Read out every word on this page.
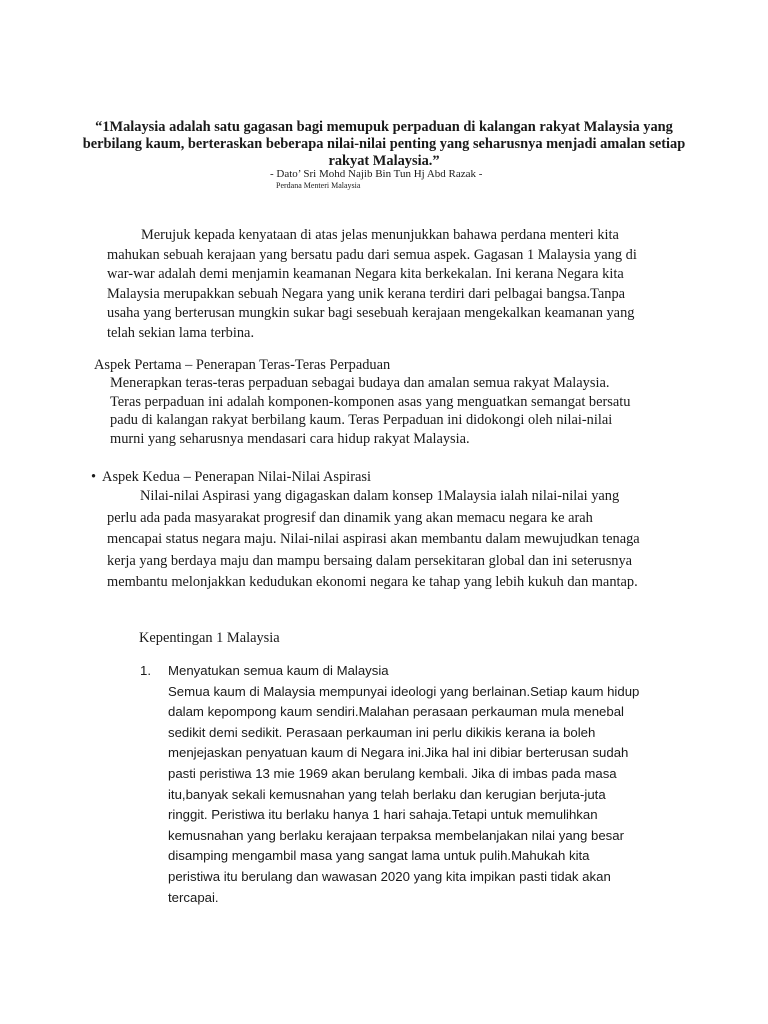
“1Malaysia adalah satu gagasan bagi memupuk perpaduan di kalangan rakyat Malaysia yang berbilang kaum, berteraskan beberapa nilai-nilai penting yang seharusnya menjadi amalan setiap rakyat Malaysia.”
- Dato’ Sri Mohd Najib Bin Tun Hj Abd Razak -
Perdana Menteri Malaysia
Merujuk kepada kenyataan di atas jelas menunjukkan bahawa perdana menteri kita
mahukan sebuah kerajaan yang bersatu padu dari semua aspek. Gagasan 1 Malaysia yang di
war-war adalah demi menjamin keamanan Negara kita berkekalan. Ini kerana Negara kita
Malaysia merupakkan sebuah Negara yang unik kerana terdiri dari pelbagai bangsa.Tanpa
usaha yang berterusan mungkin sukar bagi sesebuah kerajaan mengekalkan keamanan yang
telah sekian lama terbina.
Aspek Pertama – Penerapan Teras-Teras Perpaduan
Menerapkan teras-teras perpaduan sebagai budaya dan amalan semua rakyat Malaysia.
Teras perpaduan ini adalah komponen-komponen asas yang menguatkan semangat bersatu
padu di kalangan rakyat berbilang kaum. Teras Perpaduan ini didokongi oleh nilai-nilai
murni yang seharusnya mendasari cara hidup rakyat Malaysia.
• Aspek Kedua – Penerapan Nilai-Nilai Aspirasi
Nilai-nilai Aspirasi yang digagaskan dalam konsep 1Malaysia ialah nilai-nilai yang
perlu ada pada masyarakat progresif dan dinamik yang akan memacu negara ke arah
mencapai status negara maju. Nilai-nilai aspirasi akan membantu dalam mewujudkan tenaga
kerja yang berdaya maju dan mampu bersaing dalam persekitaran global dan ini seterusnya
membantu melonjakkan kedudukan ekonomi negara ke tahap yang lebih kukuh dan mantap.
Kepentingan 1 Malaysia
1. Menyatukan semua kaum di Malaysia
Semua kaum di Malaysia mempunyai ideologi yang berlainan.Setiap kaum hidup
dalam kepompong kaum sendiri.Malahan perasaan perkauman mula menebal
sedikit demi sedikit. Perasaan perkauman ini perlu dikikis kerana ia boleh
menjejaskan penyatuan kaum di Negara ini.Jika hal ini dibiar berterusan sudah
pasti peristiwa 13 mie 1969 akan berulang kembali. Jika di imbas pada masa
itu,banyak sekali kemusnahan yang telah berlaku dan kerugian berjuta-juta
ringgit. Peristiwa itu berlaku hanya 1 hari sahaja.Tetapi untuk memulihkan
kemusnahan yang berlaku kerajaan terpaksa membelanjakan nilai yang besar
disamping mengambil masa yang sangat lama untuk pulih.Mahukah kita
peristiwa itu berulang dan wawasan 2020 yang kita impikan pasti tidak akan
tercapai.
